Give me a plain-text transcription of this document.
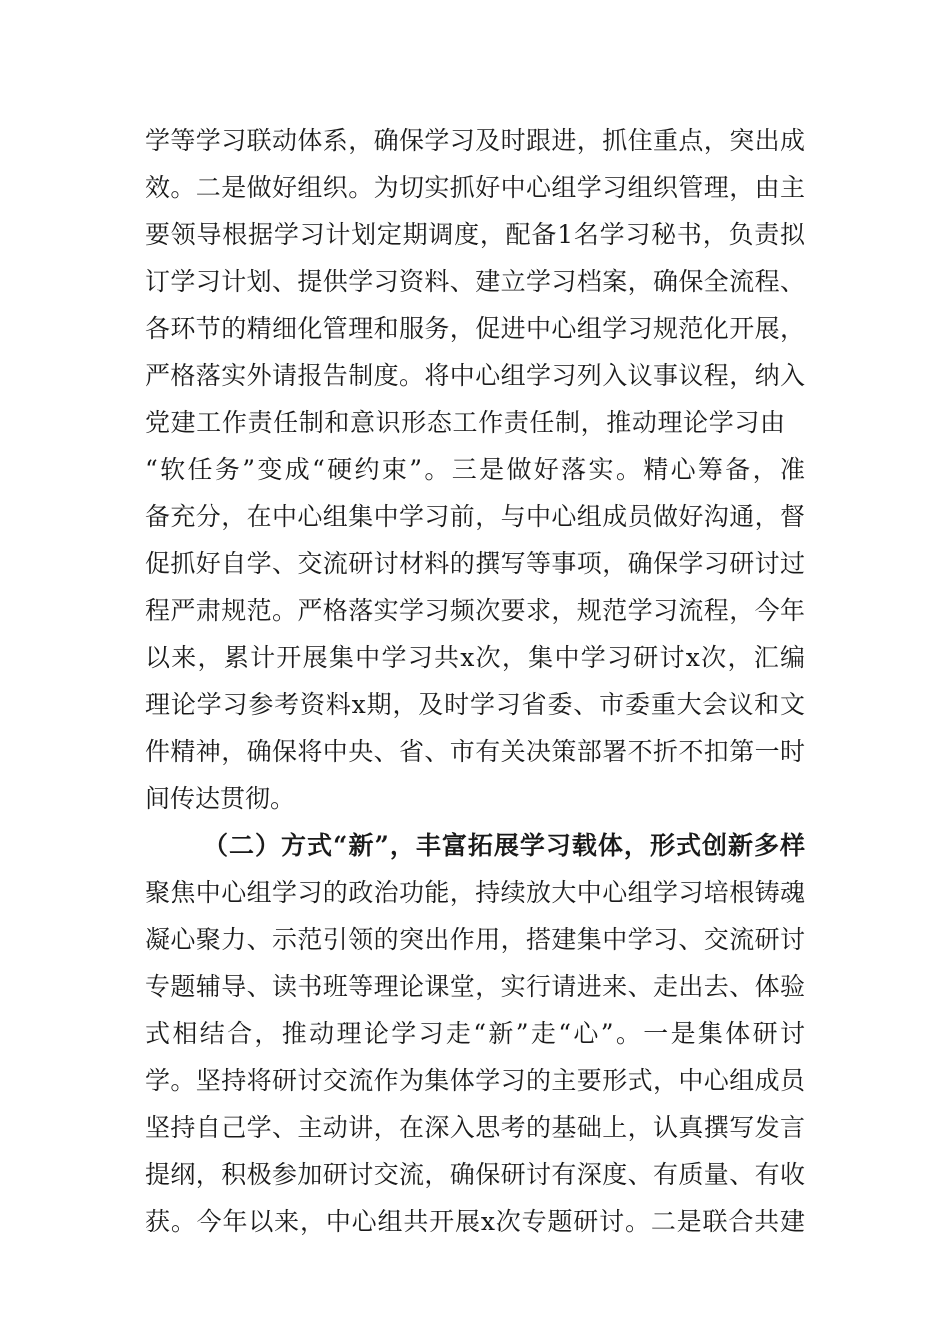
学等学习联动体系，确保学习及时跟进，抓住重点，突出成
效。二是做好组织。为切实抓好中心组学习组织管理，由主
要领导根据学习计划定期调度，配备1名学习秘书，负责拟
订学习计划、提供学习资料、建立学习档案，确保全流程、
各环节的精细化管理和服务，促进中心组学习规范化开展，
严格落实外请报告制度。将中心组学习列入议事议程，纳入
党建工作责任制和意识形态工作责任制，推动理论学习由
“软任务”变成“硬约束”。三是做好落实。精心筹备，准
备充分，在中心组集中学习前，与中心组成员做好沟通，督
促抓好自学、交流研讨材料的撰写等事项，确保学习研讨过
程严肃规范。严格落实学习频次要求，规范学习流程，今年
以来，累计开展集中学习共x次，集中学习研讨x次，汇编
理论学习参考资料x期，及时学习省委、市委重大会议和文
件精神，确保将中央、省、市有关决策部署不折不扣第一时
间传达贯彻。
（二）方式“新”，丰富拓展学习载体，形式创新多样
聚焦中心组学习的政治功能，持续放大中心组学习培根铸魂
凝心聚力、示范引领的突出作用，搭建集中学习、交流研讨
专题辅导、读书班等理论课堂，实行请进来、走出去、体验
式相结合，推动理论学习走“新”走“心”。一是集体研讨
学。坚持将研讨交流作为集体学习的主要形式，中心组成员
坚持自己学、主动讲，在深入思考的基础上，认真撰写发言
提纲，积极参加研讨交流，确保研讨有深度、有质量、有收
获。今年以来，中心组共开展x次专题研讨。二是联合共建
